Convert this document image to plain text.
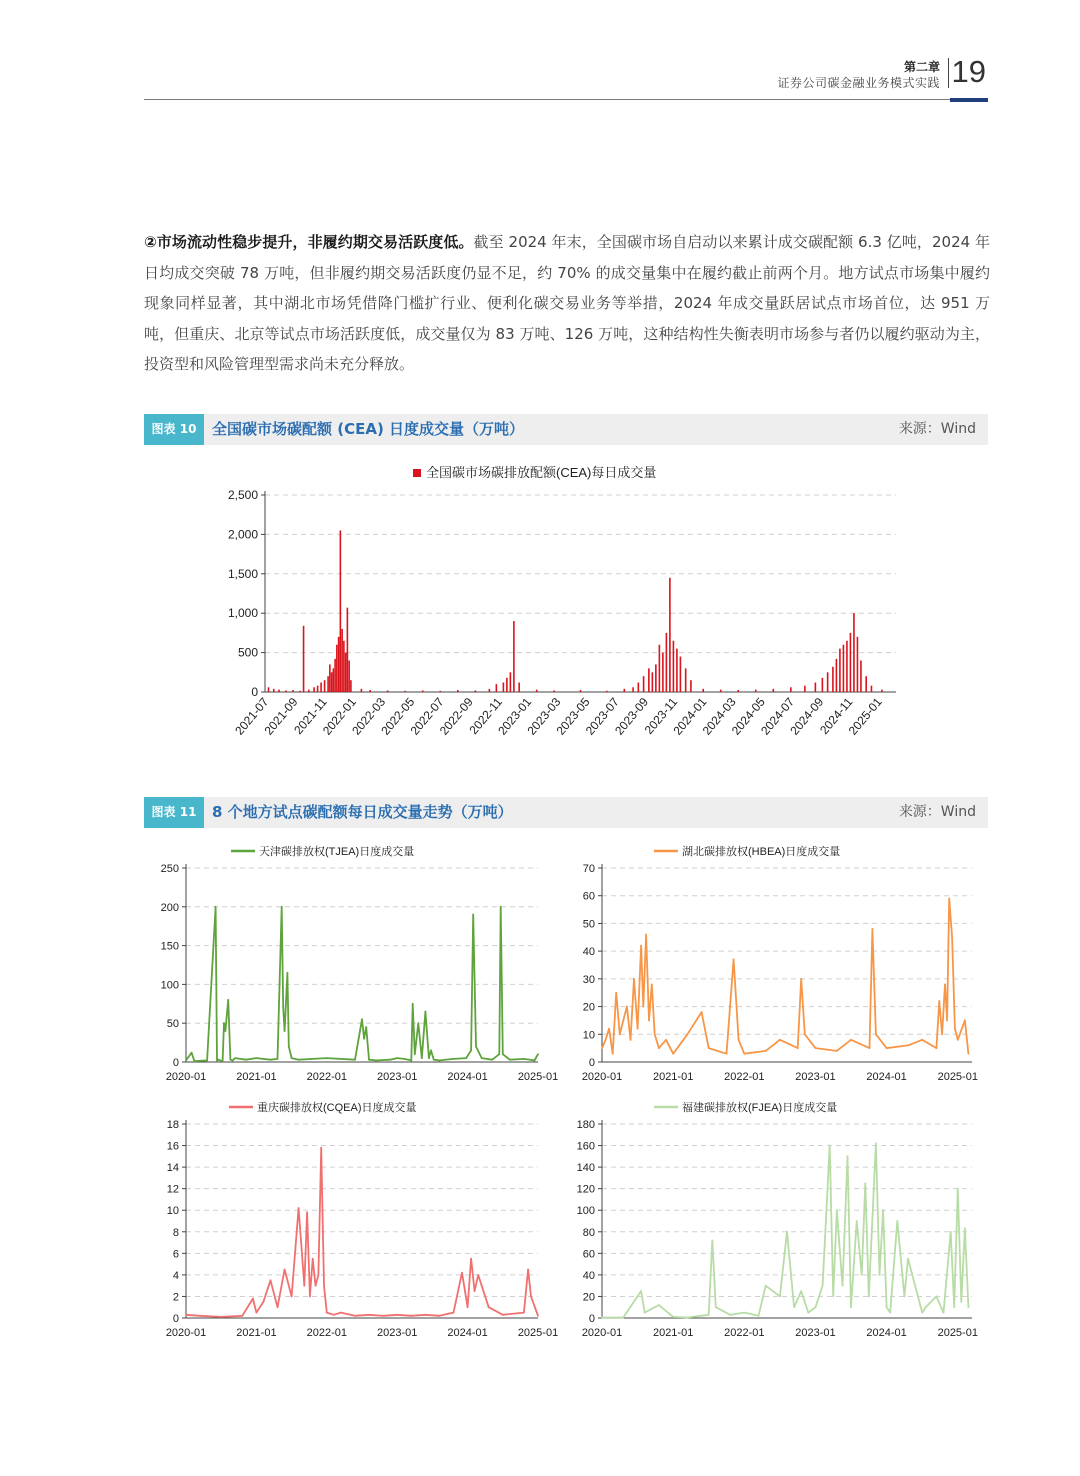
第二章
证券公司碳金融业务模式实践 19
②市场流动性稳步提升，非履约期交易活跃度低。截至 2024 年末，全国碳市场自启动以来累计成交碳配额 6.3 亿吨，2024 年日均成交突破 78 万吨，但非履约期交易活跃度仍显不足，约 70% 的成交量集中在履约截止前两个月。地方试点市场集中履约现象同样显著，其中湖北市场凭借降门槛扩行业、便利化碳交易业务等举措，2024 年成交量跃居试点市场首位，达 951 万吨，但重庆、北京等试点市场活跃度低，成交量仅为 83 万吨、126 万吨，这种结构性失衡表明市场参与者仍以履约驱动为主，投资型和风险管理型需求尚未充分释放。
图表 10	全国碳市场碳配额 (CEA) 日度成交量（万吨）	来源：Wind
0
500
1,000
1,500
2,000
2,500
2021-07
2021-09
2021-11
2022-01
2022-03
2022-05
2022-07
2022-09
2022-11
2023-01
2023-03
2023-05
2023-07
2023-09
2023-11
2024-01
2024-03
2024-05
2024-07
2024-09
2024-11
2025-01
全国碳市场碳排放配额(CEA)每日成交量
图表 11	8 个地方试点碳配额每日成交量走势（万吨）	来源：Wind
0
50
100
150
200
250
2020-01	2021-01	2022-01	2023-01	2024-01	2025-01
天津碳排放权(TJEA)日度成交量
0
10
20
30
40
50
60
70
2020-01	2021-01	2022-01	2023-01	2024-01	2025-01
湖北碳排放权(HBEA)日度成交量
0
2
4
6
8
10
12
14
16
18
2020-01	2021-01	2022-01	2023-01	2024-01	2025-01
重庆碳排放权(CQEA)日度成交量
0
20
40
60
80
100
120
140
160
180
2020-01	2021-01	2022-01	2023-01	2024-01	2025-01
福建碳排放权(FJEA)日度成交量
